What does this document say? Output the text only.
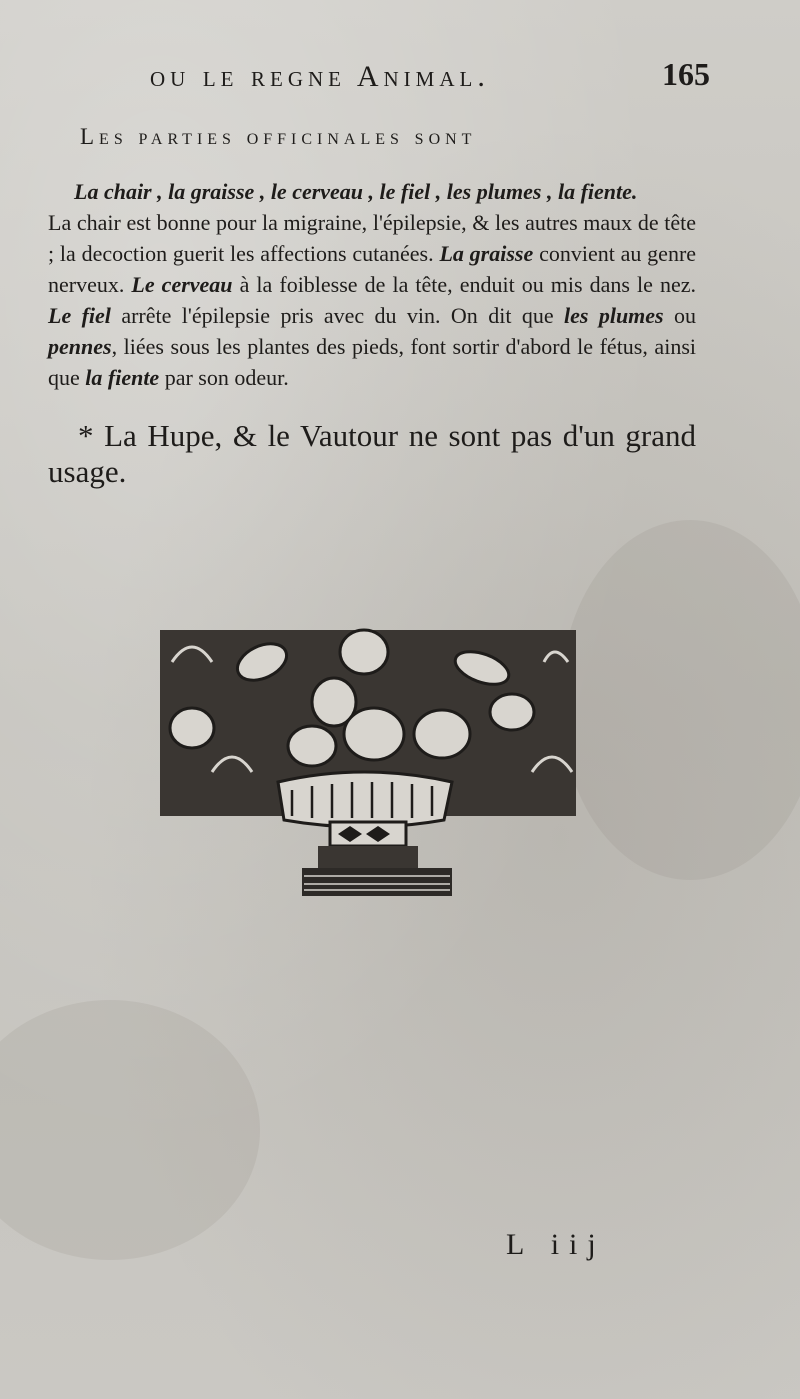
ou le regne Animal.	165
Les parties officinales sont
La chair , la graisse , le cerveau , le fiel , les plumes , la fiente.
La chair est bonne pour la migraine, l'épilepsie, & les autres maux de tête ; la decoction guerit les affections cutanées. La graisse convient au genre nerveux. Le cerveau à la foiblesse de la tête, enduit ou mis dans le nez. Le fiel arrête l'épilepsie pris avec du vin. On dit que les plumes ou pennes, liées sous les plantes des pieds, font sortir d'abord le fétus, ainsi que la fiente par son odeur.
* La Hupe, & le Vautour ne sont pas d'un grand usage.
L iij
